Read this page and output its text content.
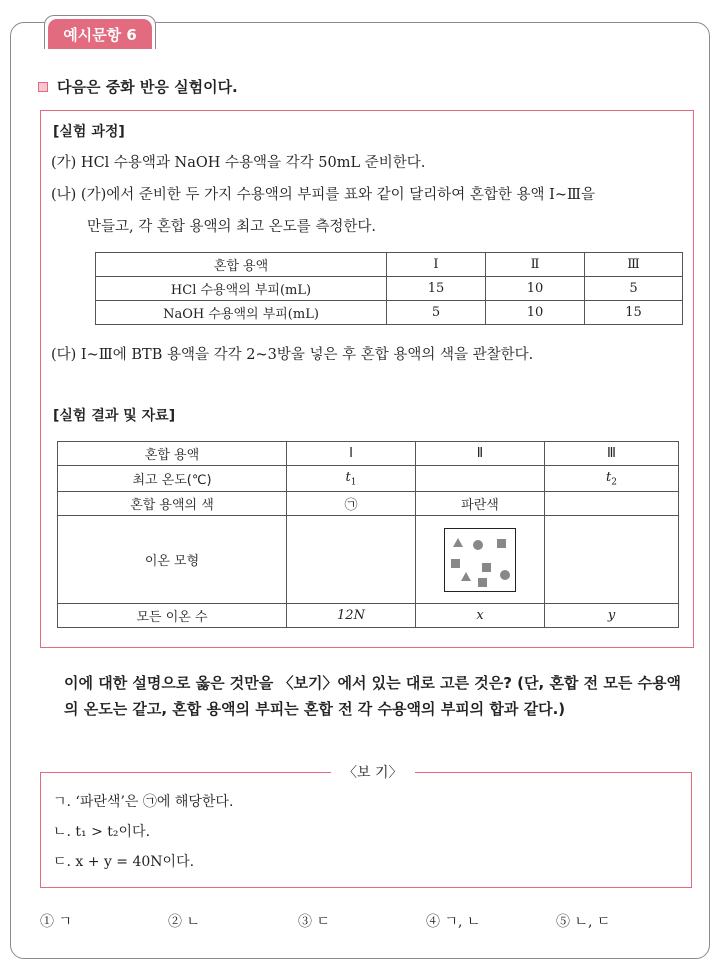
예시문항 6
다음은 중화 반응 실험이다.
[실험 과정]
(가) HCl 수용액과 NaOH 수용액을 각각 50mL 준비한다.
(나) (가)에서 준비한 두 가지 수용액의 부피를 표와 같이 달리하여 혼합한 용액 Ⅰ~Ⅲ을
만들고, 각 혼합 용액의 최고 온도를 측정한다.
혼합 용액	Ⅰ	Ⅱ	Ⅲ
HCl 수용액의 부피(mL)	15	10	5
NaOH 수용액의 부피(mL)	5	10	15
(다) Ⅰ~Ⅲ에 BTB 용액을 각각 2~3방울 넣은 후 혼합 용액의 색을 관찰한다.
[실험 결과 및 자료]
혼합 용액	Ⅰ	Ⅱ	Ⅲ
최고 온도(℃)	$t_1$		$t_2$
혼합 용액의 색	㉠	파란색	
이온 모형		

모든 이온 수	12N	x	y
이에 대한 설명으로 옳은 것만을 〈보기〉에서 있는 대로 고른 것은? (단, 혼합 전 모든 수용액의 온도는 같고, 혼합 용액의 부피는 혼합 전 각 수용액의 부피의 합과 같다.)
〈보 기〉
ㄱ. ‘파란색’은 ㉠에 해당한다.
ㄴ. t₁ > t₂이다.
ㄷ. x + y = 40N이다.
① ㄱ	② ㄴ	③ ㄷ	④ ㄱ, ㄴ	⑤ ㄴ, ㄷ
